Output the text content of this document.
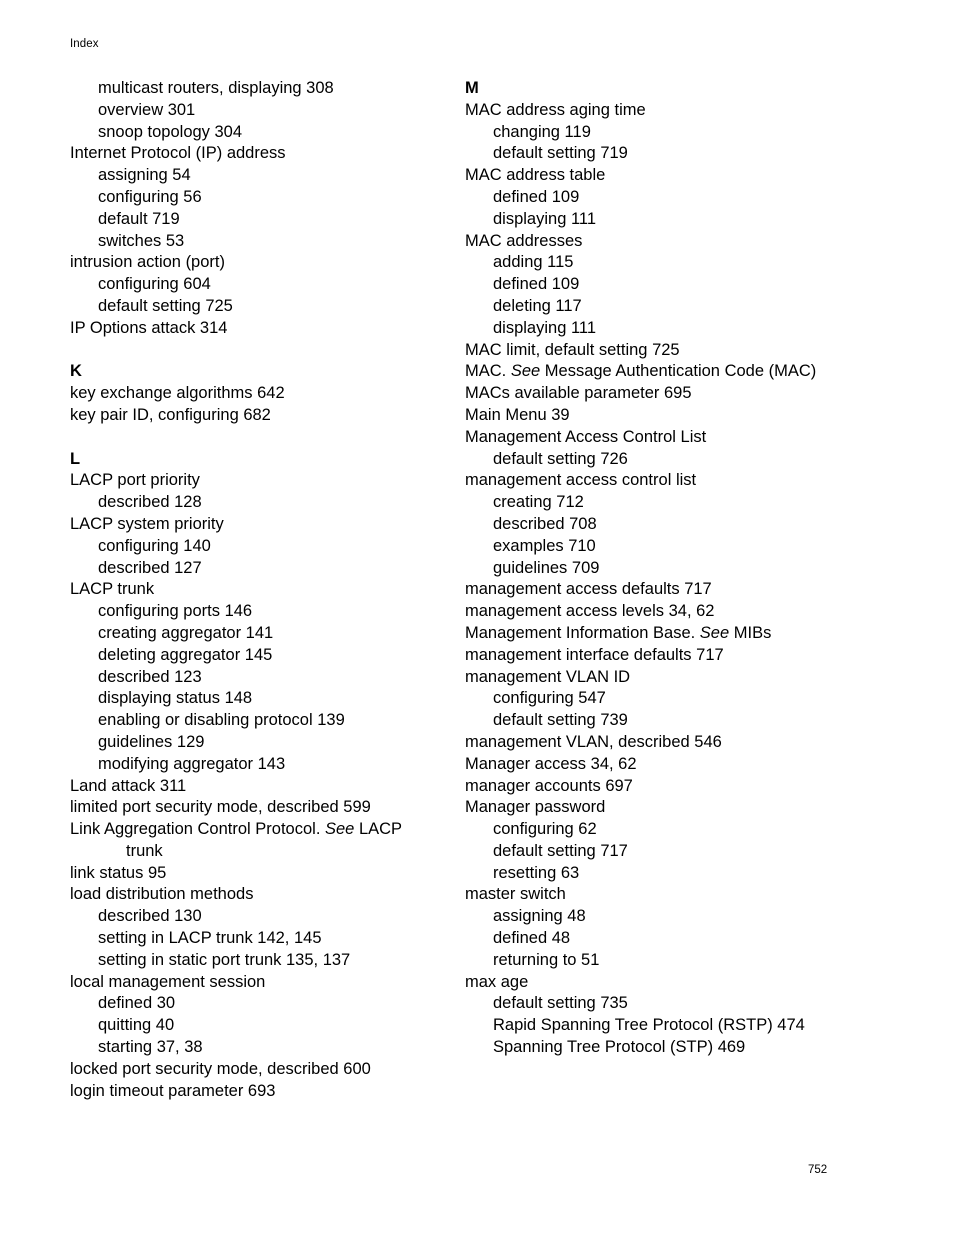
Index
multicast routers, displaying 308
overview 301
snoop topology 304
Internet Protocol (IP) address
assigning 54
configuring 56
default 719
switches 53
intrusion action (port)
configuring 604
default setting 725
IP Options attack 314
K
key exchange algorithms 642
key pair ID, configuring 682
L
LACP port priority
described 128
LACP system priority
configuring 140
described 127
LACP trunk
configuring ports 146
creating aggregator 141
deleting aggregator 145
described 123
displaying status 148
enabling or disabling protocol 139
guidelines 129
modifying aggregator 143
Land attack 311
limited port security mode, described 599
Link Aggregation Control Protocol. See LACP
trunk
link status 95
load distribution methods
described 130
setting in LACP trunk 142, 145
setting in static port trunk 135, 137
local management session
defined 30
quitting 40
starting 37, 38
locked port security mode, described 600
login timeout parameter 693
M
MAC address aging time
changing 119
default setting 719
MAC address table
defined 109
displaying 111
MAC addresses
adding 115
defined 109
deleting 117
displaying 111
MAC limit, default setting 725
MAC. See Message Authentication Code (MAC)
MACs available parameter 695
Main Menu 39
Management Access Control List
default setting 726
management access control list
creating 712
described 708
examples 710
guidelines 709
management access defaults 717
management access levels 34, 62
Management Information Base. See MIBs
management interface defaults 717
management VLAN ID
configuring 547
default setting 739
management VLAN, described 546
Manager access 34, 62
manager accounts 697
Manager password
configuring 62
default setting 717
resetting 63
master switch
assigning 48
defined 48
returning to 51
max age
default setting 735
Rapid Spanning Tree Protocol (RSTP) 474
Spanning Tree Protocol (STP) 469
752
